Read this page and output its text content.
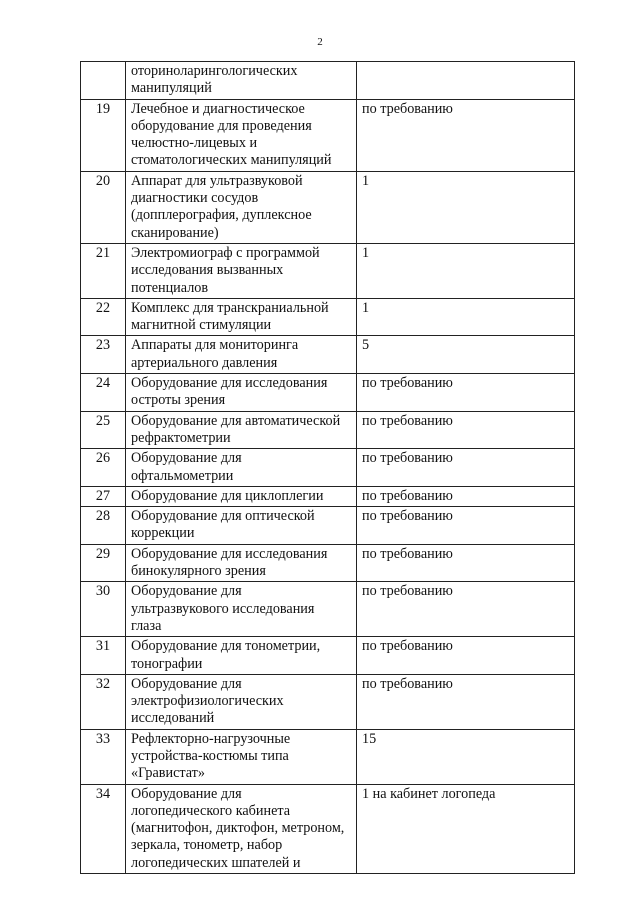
2
	оториноларингологических
манипуляций	
19	Лечебное и диагностическое
оборудование для проведения
челюстно-лицевых и
стоматологических манипуляций	по требованию
20	Аппарат для ультразвуковой
диагностики сосудов
(допплерография, дуплексное
сканирование)	1
21	Электромиограф с программой
исследования вызванных
потенциалов	1
22	Комплекс для транскраниальной
магнитной стимуляции	1
23	Аппараты для мониторинга
артериального давления	5
24	Оборудование для исследования
остроты зрения	по требованию
25	Оборудование для автоматической
рефрактометрии	по требованию
26	Оборудование для
офтальмометрии	по требованию
27	Оборудование для циклоплегии	по требованию
28	Оборудование для оптической
коррекции	по требованию
29	Оборудование для исследования
бинокулярного зрения	по требованию
30	Оборудование для
ультразвукового исследования
глаза	по требованию
31	Оборудование для тонометрии,
тонографии	по требованию
32	Оборудование для
электрофизиологических
исследований	по требованию
33	Рефлекторно-нагрузочные
устройства-костюмы типа
«Гравистат»	15
34	Оборудование для
логопедического кабинета
(магнитофон, диктофон, метроном,
зеркала, тонометр, набор
логопедических шпателей и	1 на кабинет логопеда
